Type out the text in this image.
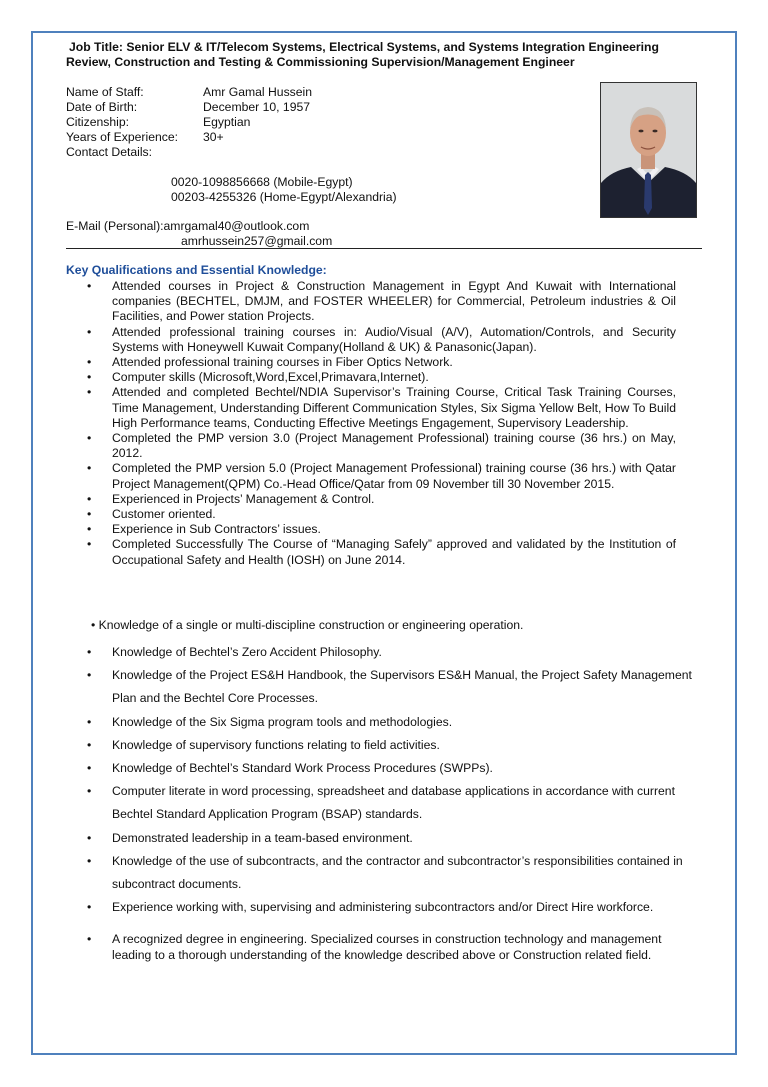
Job Title: Senior ELV & IT/Telecom Systems, Electrical Systems, and Systems Integration Engineering
Review, Construction and Testing & Commissioning Supervision/Management Engineer
Name of Staff:	Amr Gamal Hussein
Date of Birth:	December 10, 1957
Citizenship:	Egyptian
Years of Experience:	30+
Contact Details:
0020-1098856668 (Mobile-Egypt)
00203-4255326 (Home-Egypt/Alexandria)
E-Mail (Personal):amrgamal40@outlook.com
amrhussein257@gmail.com
Key Qualifications and Essential Knowledge:
• Attended courses in Project & Construction Management in Egypt And Kuwait with International companies (BECHTEL, DMJM, and FOSTER WHEELER) for Commercial, Petroleum industries & Oil Facilities, and Power station Projects.
• Attended professional training courses in: Audio/Visual (A/V), Automation/Controls, and Security Systems with Honeywell Kuwait Company(Holland & UK) & Panasonic(Japan).
• Attended professional training courses in Fiber Optics Network.
• Computer skills (Microsoft,Word,Excel,Primavara,Internet).
• Attended and completed Bechtel/NDIA Supervisor’s Training Course, Critical Task Training Courses, Time Management, Understanding Different Communication Styles, Six Sigma Yellow Belt, How To Build High Performance teams, Conducting Effective Meetings Engagement, Supervisory Leadership.
• Completed the PMP version 3.0 (Project Management Professional) training course (36 hrs.) on May, 2012.
• Completed the PMP version 5.0 (Project Management Professional) training course (36 hrs.) with Qatar Project Management(QPM) Co.-Head Office/Qatar from 09 November till 30 November 2015.
• Experienced in Projects’ Management & Control.
• Customer oriented.
• Experience in Sub Contractors’ issues.
• Completed Successfully The Course of “Managing Safely” approved and validated by the Institution of Occupational Safety and Health (IOSH) on June 2014.
• Knowledge of a single or multi-discipline construction or engineering operation.
• Knowledge of Bechtel’s Zero Accident Philosophy.
• Knowledge of the Project ES&H Handbook, the Supervisors ES&H Manual, the Project Safety Management Plan and the Bechtel Core Processes.
• Knowledge of the Six Sigma program tools and methodologies.
• Knowledge of supervisory functions relating to field activities.
• Knowledge of Bechtel’s Standard Work Process Procedures (SWPPs).
• Computer literate in word processing, spreadsheet and database applications in accordance with current Bechtel Standard Application Program (BSAP) standards.
• Demonstrated leadership in a team-based environment.
• Knowledge of the use of subcontracts, and the contractor and subcontractor’s responsibilities contained in subcontract documents.
• Experience working with, supervising and administering subcontractors and/or Direct Hire workforce.
•	A recognized degree in engineering. Specialized courses in construction technology and management leading to a thorough understanding of the knowledge described above or Construction related field.
